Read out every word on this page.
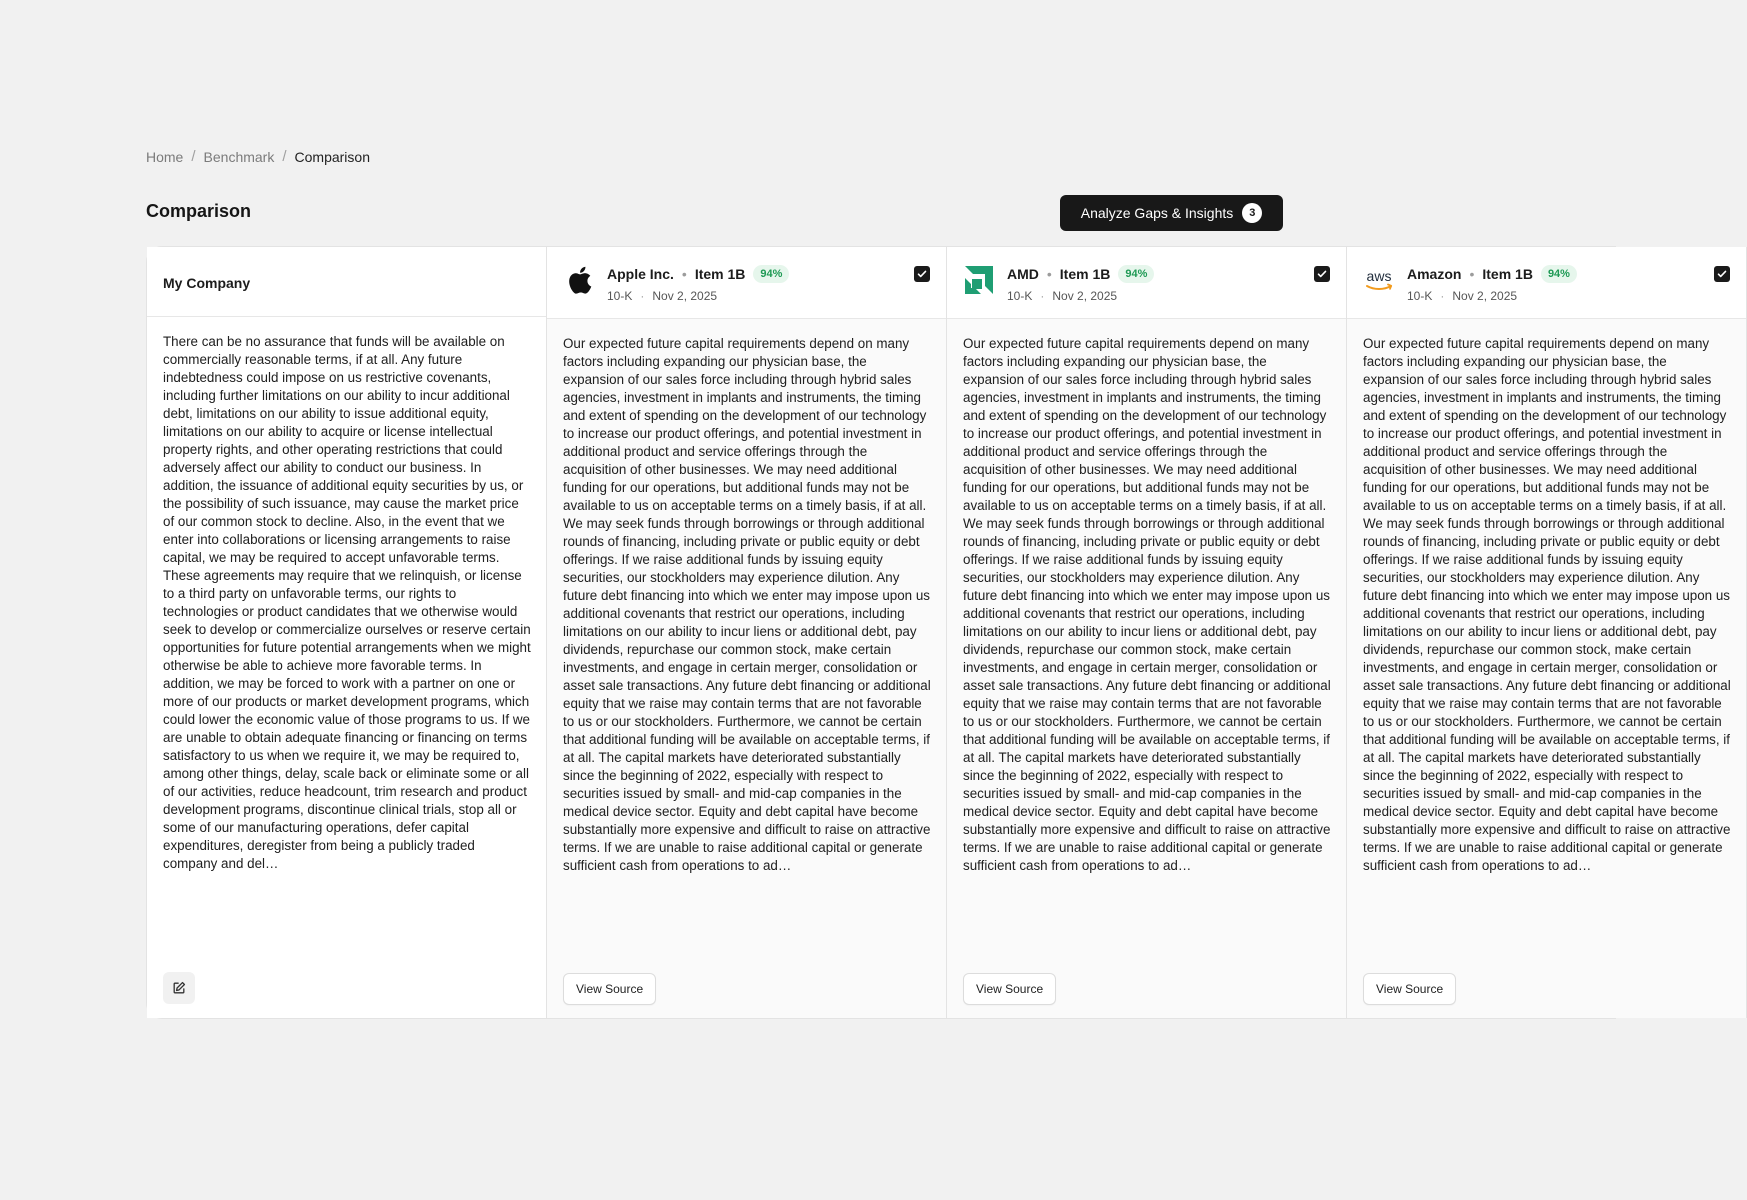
Home / Benchmark / Comparison
Comparison	Analyze Gaps & Insights	3
My Company
There can be no assurance that funds will be available on commercially reasonable terms, if at all. Any future indebtedness could impose on us restrictive covenants, including further limitations on our ability to incur additional debt, limitations on our ability to issue additional equity, limitations on our ability to acquire or license intellectual property rights, and other operating restrictions that could adversely affect our ability to conduct our business. In addition, the issuance of additional equity securities by us, or the possibility of such issuance, may cause the market price of our common stock to decline. Also, in the event that we enter into collaborations or licensing arrangements to raise capital, we may be required to accept unfavorable terms. These agreements may require that we relinquish, or license to a third party on unfavorable terms, our rights to technologies or product candidates that we otherwise would seek to develop or commercialize ourselves or reserve certain opportunities for future potential arrangements when we might otherwise be able to achieve more favorable terms. In addition, we may be forced to work with a partner on one or more of our products or market development programs, which could lower the economic value of those programs to us. If we are unable to obtain adequate financing or financing on terms satisfactory to us when we require it, we may be required to, among other things, delay, scale back or eliminate some or all of our activities, reduce headcount, trim research and product development programs, discontinue clinical trials, stop all or some of our manufacturing operations, defer capital expenditures, deregister from being a publicly traded company and del…
Apple Inc. • Item 1B	94%
10-K · Nov 2, 2025
Our expected future capital requirements depend on many factors including expanding our physician base, the expansion of our sales force including through hybrid sales agencies, investment in implants and instruments, the timing and extent of spending on the development of our technology to increase our product offerings, and potential investment in additional product and service offerings through the acquisition of other businesses. We may need additional funding for our operations, but additional funds may not be available to us on acceptable terms on a timely basis, if at all. We may seek funds through borrowings or through additional rounds of financing, including private or public equity or debt offerings. If we raise additional funds by issuing equity securities, our stockholders may experience dilution. Any future debt financing into which we enter may impose upon us additional covenants that restrict our operations, including limitations on our ability to incur liens or additional debt, pay dividends, repurchase our common stock, make certain investments, and engage in certain merger, consolidation or asset sale transactions. Any future debt financing or additional equity that we raise may contain terms that are not favorable to us or our stockholders. Furthermore, we cannot be certain that additional funding will be available on acceptable terms, if at all. The capital markets have deteriorated substantially since the beginning of 2022, especially with respect to securities issued by small- and mid-cap companies in the medical device sector. Equity and debt capital have become substantially more expensive and difficult to raise on attractive terms. If we are unable to raise additional capital or generate sufficient cash from operations to ad…
View Source
AMD • Item 1B	94%
10-K · Nov 2, 2025
Our expected future capital requirements depend on many factors including expanding our physician base, the expansion of our sales force including through hybrid sales agencies, investment in implants and instruments, the timing and extent of spending on the development of our technology to increase our product offerings, and potential investment in additional product and service offerings through the acquisition of other businesses. We may need additional funding for our operations, but additional funds may not be available to us on acceptable terms on a timely basis, if at all. We may seek funds through borrowings or through additional rounds of financing, including private or public equity or debt offerings. If we raise additional funds by issuing equity securities, our stockholders may experience dilution. Any future debt financing into which we enter may impose upon us additional covenants that restrict our operations, including limitations on our ability to incur liens or additional debt, pay dividends, repurchase our common stock, make certain investments, and engage in certain merger, consolidation or asset sale transactions. Any future debt financing or additional equity that we raise may contain terms that are not favorable to us or our stockholders. Furthermore, we cannot be certain that additional funding will be available on acceptable terms, if at all. The capital markets have deteriorated substantially since the beginning of 2022, especially with respect to securities issued by small- and mid-cap companies in the medical device sector. Equity and debt capital have become substantially more expensive and difficult to raise on attractive terms. If we are unable to raise additional capital or generate sufficient cash from operations to ad…
View Source
aws Amazon • Item 1B	94%
10-K · Nov 2, 2025
Our expected future capital requirements depend on many factors including expanding our physician base, the expansion of our sales force including through hybrid sales agencies, investment in implants and instruments, the timing and extent of spending on the development of our technology to increase our product offerings, and potential investment in additional product and service offerings through the acquisition of other businesses. We may need additional funding for our operations, but additional funds may not be available to us on acceptable terms on a timely basis, if at all. We may seek funds through borrowings or through additional rounds of financing, including private or public equity or debt offerings. If we raise additional funds by issuing equity securities, our stockholders may experience dilution. Any future debt financing into which we enter may impose upon us additional covenants that restrict our operations, including limitations on our ability to incur liens or additional debt, pay dividends, repurchase our common stock, make certain investments, and engage in certain merger, consolidation or asset sale transactions. Any future debt financing or additional equity that we raise may contain terms that are not favorable to us or our stockholders. Furthermore, we cannot be certain that additional funding will be available on acceptable terms, if at all. The capital markets have deteriorated substantially since the beginning of 2022, especially with respect to securities issued by small- and mid-cap companies in the medical device sector. Equity and debt capital have become substantially more expensive and difficult to raise on attractive terms. If we are unable to raise additional capital or generate sufficient cash from operations to ad…
View Source
